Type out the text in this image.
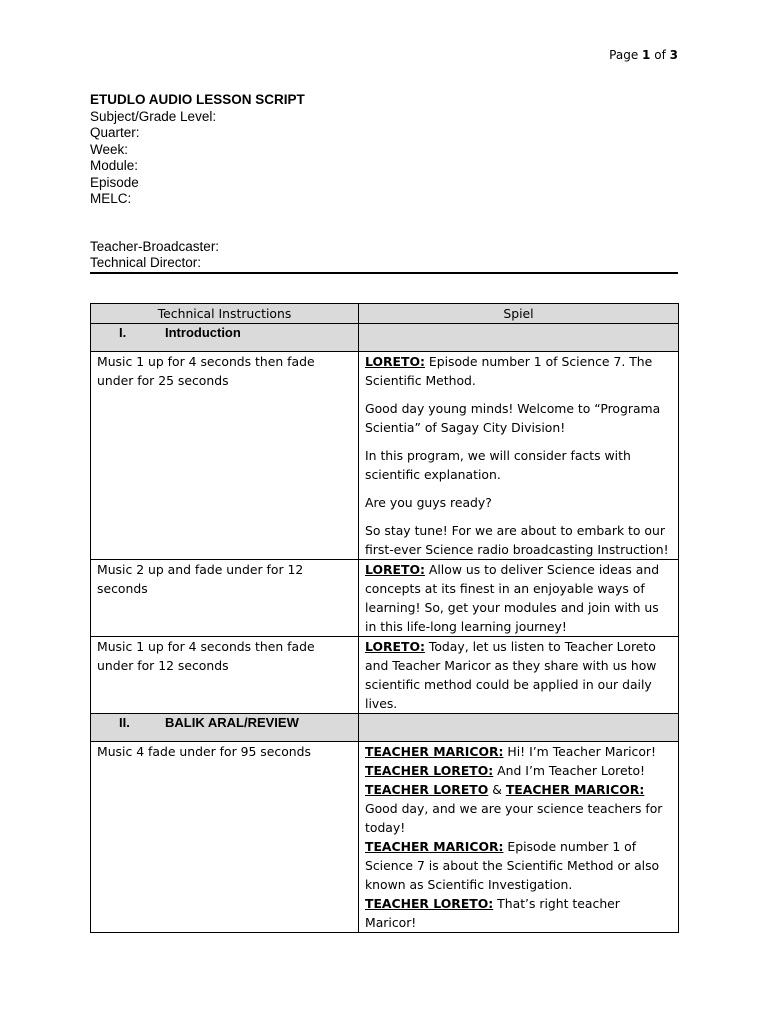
Page 1 of 3
ETUDLO AUDIO LESSON SCRIPT
Subject/Grade Level:
Quarter:
Week:
Module:
Episode
MELC:
Teacher-Broadcaster:
Technical Director:
Technical Instructions	Spiel
I. Introduction	
Music 1 up for 4 seconds then fade under for 25 seconds	LORETO: Episode number 1 of Science 7. The Scientific Method.

Good day young minds! Welcome to “Programa Scientia” of Sagay City Division!

In this program, we will consider facts with scientific explanation.

Are you guys ready?

So stay tune! For we are about to embark to our first-ever Science radio broadcasting Instruction!

Music 2 up and fade under for 12 seconds	LORETO: Allow us to deliver Science ideas and concepts at its finest in an enjoyable ways of learning! So, get your modules and join with us in this life-long learning journey!

Music 1 up for 4 seconds then fade under for 12 seconds	LORETO: Today, let us listen to Teacher Loreto and Teacher Maricor as they share with us how scientific method could be applied in our daily lives.

II. BALIK ARAL/REVIEW	
Music 4 fade under for 95 seconds	TEACHER MARICOR: Hi! I’m Teacher Maricor!

TEACHER LORETO: And I’m Teacher Loreto!

TEACHER LORETO & TEACHER MARICOR: Good day, and we are your science teachers for today!

TEACHER MARICOR: Episode number 1 of Science 7 is about the Scientific Method or also known as Scientific Investigation.

TEACHER LORETO: That’s right teacher Maricor!
